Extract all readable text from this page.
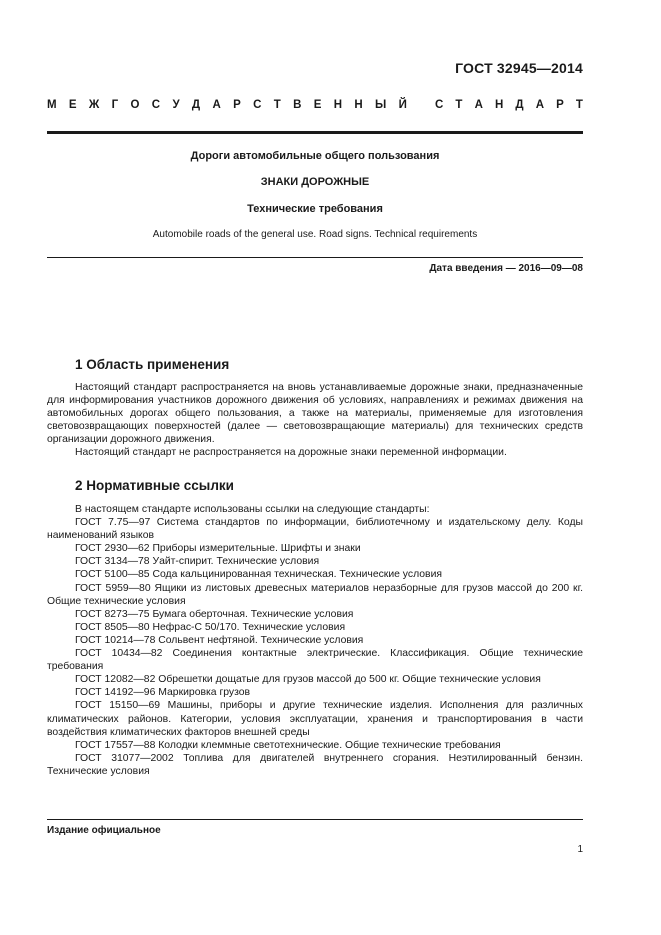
ГОСТ 32945—2014
М Е Ж Г О С У Д А Р С Т В Е Н Н Ы Й С Т А Н Д А Р Т
Дороги автомобильные общего пользования
ЗНАКИ ДОРОЖНЫЕ
Технические требования
Automobile roads of the general use. Road signs. Technical requirements
Дата введения — 2016—09—08
1 Область применения

Настоящий стандарт распространяется на вновь устанавливаемые дорожные знаки, предназначенные для информирования участников дорожного движения об условиях, направлениях и режимах движения на автомобильных дорогах общего пользования, а также на материалы, применяемые для изготовления световозвращающих поверхностей (далее — световозвращающие материалы) для технических средств организации дорожного движения.

Настоящий стандарт не распространяется на дорожные знаки переменной информации.

2 Нормативные ссылки

В настоящем стандарте использованы ссылки на следующие стандарты:

ГОСТ 7.75—97 Система стандартов по информации, библиотечному и издательскому делу. Коды наименований языков

ГОСТ 2930—62 Приборы измерительные. Шрифты и знаки

ГОСТ 3134—78 Уайт-спирит. Технические условия

ГОСТ 5100—85 Сода кальцинированная техническая. Технические условия

ГОСТ 5959—80 Ящики из листовых древесных материалов неразборные для грузов массой до 200 кг. Общие технические условия

ГОСТ 8273—75 Бумага оберточная. Технические условия

ГОСТ 8505—80 Нефрас-С 50/170. Технические условия

ГОСТ 10214—78 Сольвент нефтяной. Технические условия

ГОСТ 10434—82 Соединения контактные электрические. Классификация. Общие технические требования

ГОСТ 12082—82 Обрешетки дощатые для грузов массой до 500 кг. Общие технические условия

ГОСТ 14192—96 Маркировка грузов

ГОСТ 15150—69 Машины, приборы и другие технические изделия. Исполнения для различных климатических районов. Категории, условия эксплуатации, хранения и транспортирования в части воздействия климатических факторов внешней среды

ГОСТ 17557—88 Колодки клеммные светотехнические. Общие технические требования

ГОСТ 31077—2002 Топлива для двигателей внутреннего сгорания. Неэтилированный бензин. Технические условия

Издание официальное
1
